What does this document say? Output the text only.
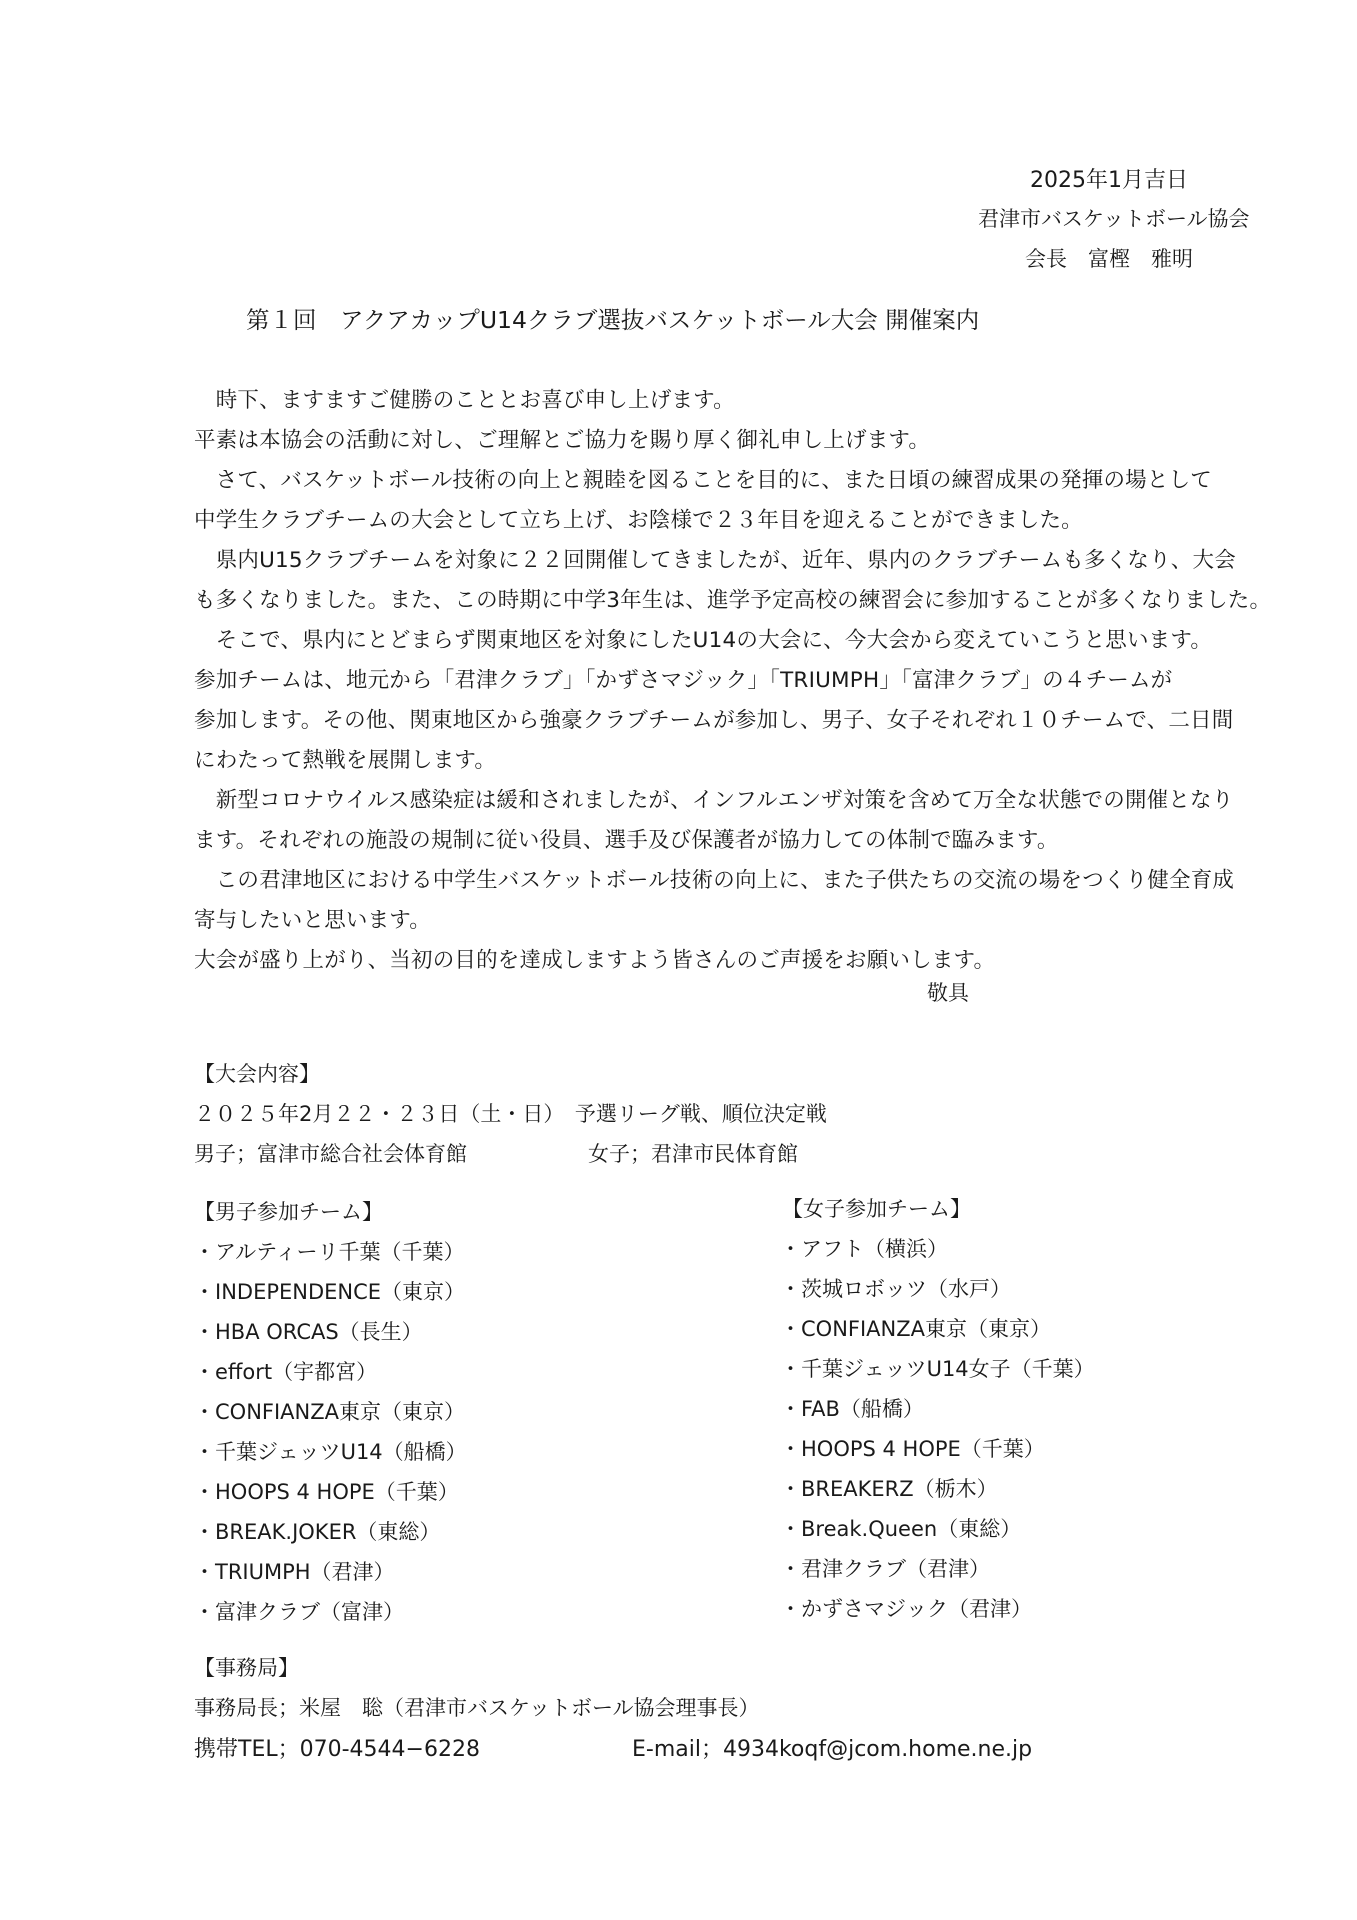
2025年1月吉日
君津市バスケットボール協会
会長　富樫　雅明
第１回　アクアカップU14クラブ選抜バスケットボール大会 開催案内
　時下、ますますご健勝のこととお喜び申し上げます。
平素は本協会の活動に対し、ご理解とご協力を賜り厚く御礼申し上げます。
　さて、バスケットボール技術の向上と親睦を図ることを目的に、また日頃の練習成果の発揮の場として
中学生クラブチームの大会として立ち上げ、お陰様で２３年目を迎えることができました。
　県内U15クラブチームを対象に２２回開催してきましたが、近年、県内のクラブチームも多くなり、大会
も多くなりました。また、この時期に中学3年生は、進学予定高校の練習会に参加することが多くなりました。
　そこで、県内にとどまらず関東地区を対象にしたU14の大会に、今大会から変えていこうと思います。
参加チームは、地元から「君津クラブ」「かずさマジック」「TRIUMPH」「富津クラブ」の４チームが
参加します。その他、関東地区から強豪クラブチームが参加し、男子、女子それぞれ１０チームで、二日間
にわたって熱戦を展開します。
　新型コロナウイルス感染症は緩和されましたが、インフルエンザ対策を含めて万全な状態での開催となり
ます。それぞれの施設の規制に従い役員、選手及び保護者が協力しての体制で臨みます。
　この君津地区における中学生バスケットボール技術の向上に、また子供たちの交流の場をつくり健全育成
寄与したいと思います。
大会が盛り上がり、当初の目的を達成しますよう皆さんのご声援をお願いします。
敬具
【大会内容】
２０２５年2月２２・２３日（土・日）　予選リーグ戦、順位決定戦
男子；富津市総合社会体育館	女子；君津市民体育館
【男子参加チーム】
・アルティーリ千葉（千葉）
・INDEPENDENCE（東京）
・HBA ORCAS（長生）
・effort（宇都宮）
・CONFIANZA東京（東京）
・千葉ジェッツU14（船橋）
・HOOPS 4 HOPE（千葉）
・BREAK.JOKER（東総）
・TRIUMPH（君津）
・富津クラブ（富津）
【女子参加チーム】
・アフト（横浜）
・茨城ロボッツ（水戸）
・CONFIANZA東京（東京）
・千葉ジェッツU14女子（千葉）
・FAB（船橋）
・HOOPS 4 HOPE（千葉）
・BREAKERZ（栃木）
・Break.Queen（東総）
・君津クラブ（君津）
・かずさマジック（君津）
【事務局】
事務局長；米屋　聡（君津市バスケットボール協会理事長）
携帯TEL；070-4544−6228	E-mail；4934koqf@jcom.home.ne.jp
